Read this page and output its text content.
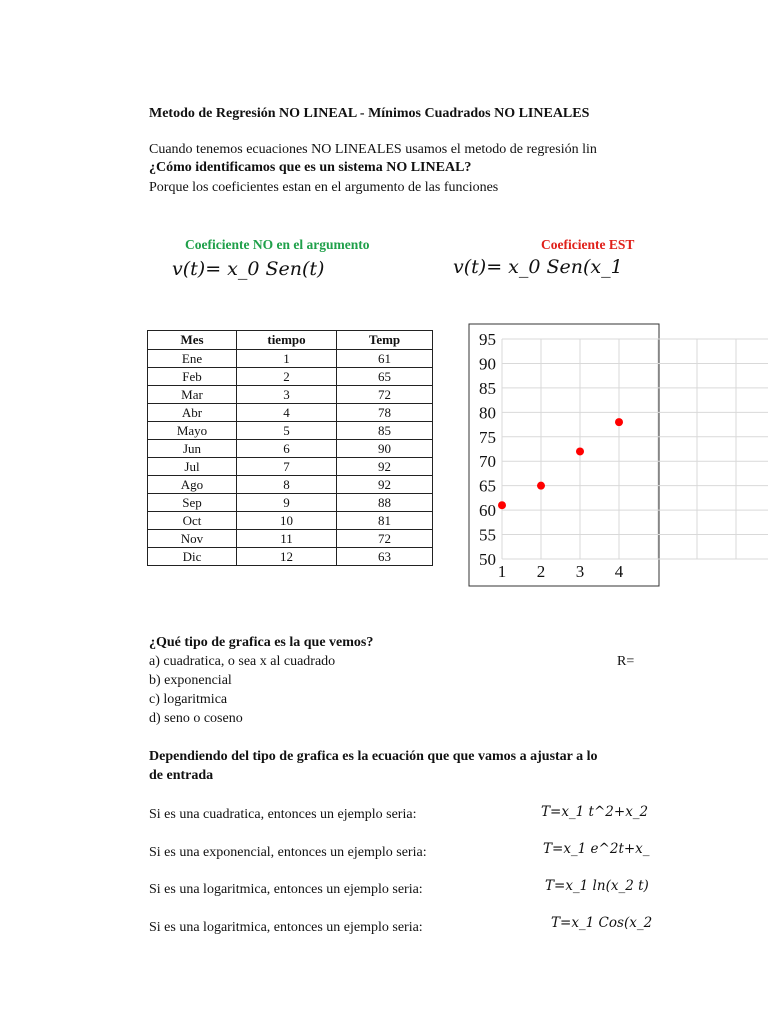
Metodo de Regresión NO LINEAL - Mínimos Cuadrados NO LINEALES
Cuando tenemos ecuaciones NO LINEALES usamos el metodo de regresión lin
¿Cómo identificamos que es un sistema NO LINEAL?
Porque los coeficientes estan en el argumento de las funciones
Coeficiente NO en el argumento
v(t)= x_0 Sen(t)
Coeficiente EST
v(t)= x_0 Sen(x_1
Mes	tiempo	Temp
Ene	1	61
Feb	2	65
Mar	3	72
Abr	4	78
Mayo	5	85
Jun	6	90
Jul	7	92
Ago	8	92
Sep	9	88
Oct	10	81
Nov	11	72
Dic	12	63
95
90
85
80
75
70
65
60
55
50
1 2 3 4
¿Qué tipo de grafica es la que vemos?
a) cuadratica, o sea x al cuadrado
b) exponencial
c) logaritmica
d) seno o coseno
R=
Dependiendo del tipo de grafica es la ecuación que que vamos a ajustar a lo
de entrada
Si es una cuadratica, entonces un ejemplo seria:	T=x_1 t^2+x_2
Si es una exponencial, entonces un ejemplo seria:	T=x_1 e^2t+x_
Si es una logaritmica, entonces un ejemplo seria:	T=x_1 ln(x_2 t)
Si es una logaritmica, entonces un ejemplo seria:	T=x_1 Cos(x_2
